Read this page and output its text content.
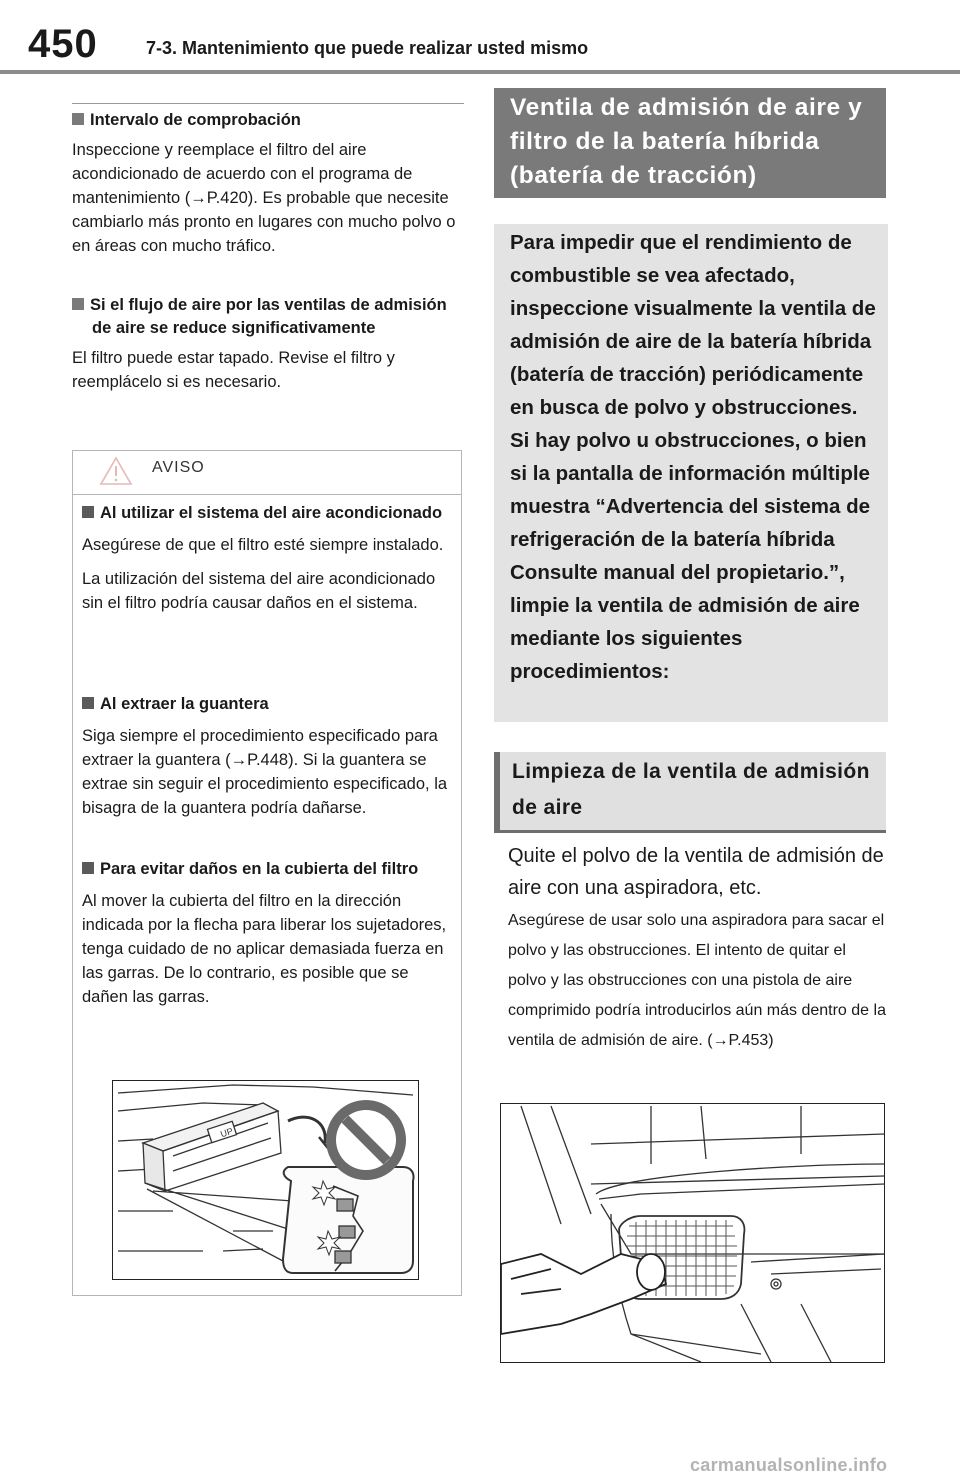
450	7-3. Mantenimiento que puede realizar usted mismo
Intervalo de comprobación
Inspeccione y reemplace el filtro del aire acondicionado de acuerdo con el programa de mantenimiento (→P.420). Es probable que necesite cambiarlo más pronto en lugares con mucho polvo o en áreas con mucho tráfico.
Si el flujo de aire por las ventilas de admisión de aire se reduce significativamente
El filtro puede estar tapado. Revise el filtro y reemplácelo si es necesario.
AVISO
Al utilizar el sistema del aire acondicionado
Asegúrese de que el filtro esté siempre instalado.
La utilización del sistema del aire acondicionado sin el filtro podría causar daños en el sistema.
Al extraer la guantera
Siga siempre el procedimiento especificado para extraer la guantera (→P.448). Si la guantera se extrae sin seguir el procedimiento especificado, la bisagra de la guantera podría dañarse.
Para evitar daños en la cubierta del filtro
Al mover la cubierta del filtro en la dirección indicada por la flecha para liberar los sujetadores, tenga cuidado de no aplicar demasiada fuerza en las garras. De lo contrario, es posible que se dañen las garras.
UP
Ventila de admisión de aire y filtro de la batería híbrida (batería de tracción)
Para impedir que el rendimiento de combustible se vea afectado, inspeccione visualmente la ventila de admisión de aire de la batería híbrida (batería de tracción) periódicamente en busca de polvo y obstrucciones. Si hay polvo u obstrucciones, o bien si la pantalla de información múltiple muestra “Advertencia del sistema de refrigeración de la batería híbrida Consulte manual del propietario.”, limpie la ventila de admisión de aire mediante los siguientes procedimientos:
Limpieza de la ventila de admisión de aire
Quite el polvo de la ventila de admisión de aire con una aspiradora, etc.
Asegúrese de usar solo una aspiradora para sacar el polvo y las obstrucciones. El intento de quitar el polvo y las obstrucciones con una pistola de aire comprimido podría introducirlos aún más dentro de la ventila de admisión de aire. (→P.453)
carmanualsonline.info
